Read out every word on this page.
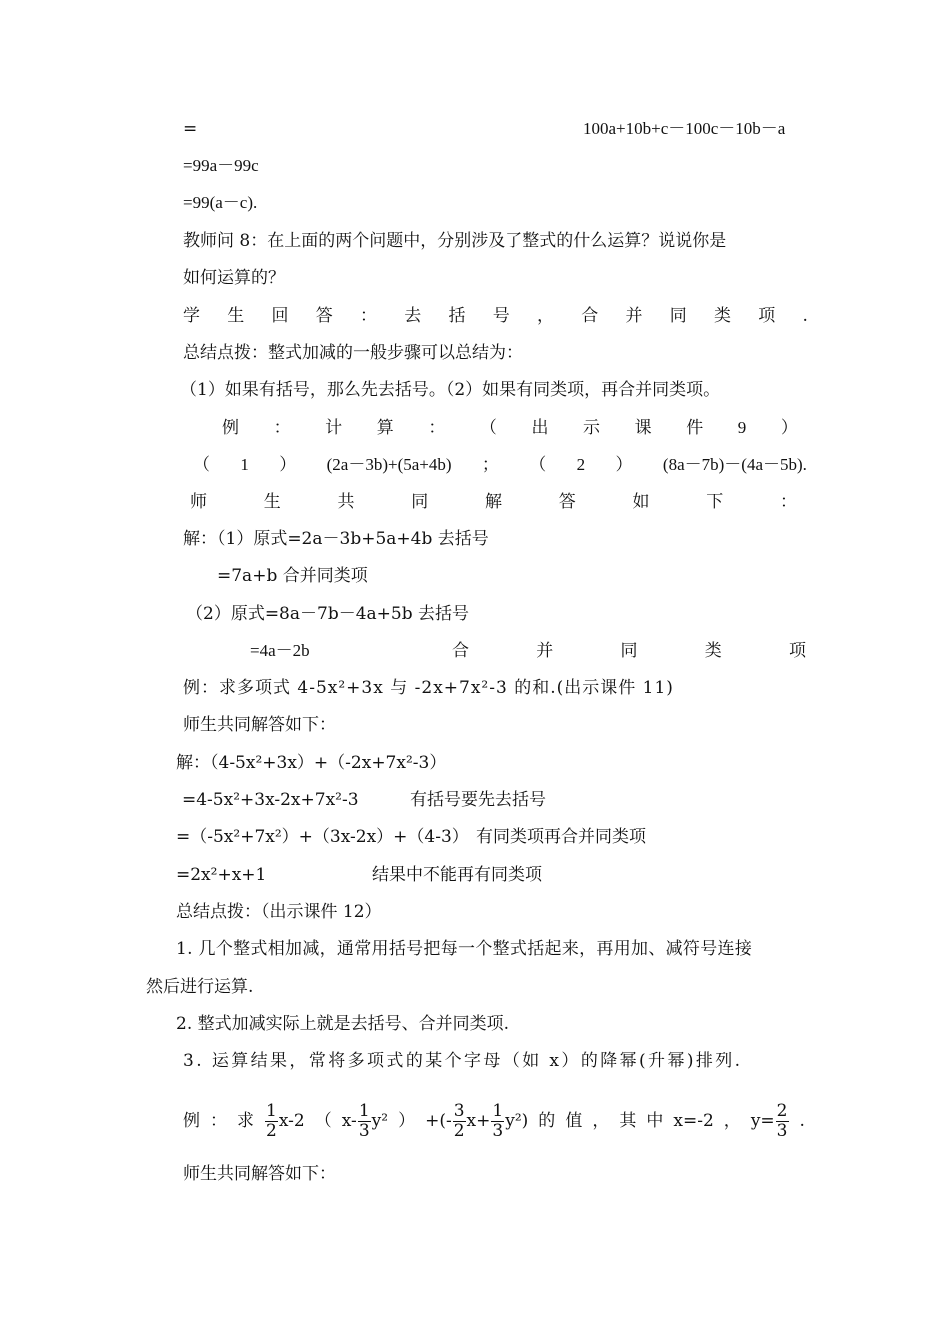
=	100a+10b+c－100c－10b－a
=99a－99c
=99(a－c).
教师问 8：在上面的两个问题中，分别涉及了整式的什么运算？说说你是
如何运算的？
学 生 回 答 ： 去 括 号 ， 合 并 同 类 项 .
总结点拨：整式加减的一般步骤可以总结为：
（1）如果有括号，那么先去括号。（2）如果有同类项，再合并同类项。
例 ： 计 算 ： （ 出 示 课 件 9 ）
（ 1 ） (2a－3b)+(5a+4b) ； （ 2 ） (8a－7b)－(4a－5b).
师	生	共	同	解	答	如	下	：
解：（1）原式=2a－3b+5a+4b 去括号
=7a+b 合并同类项
（2）原式=8a－7b－4a+5b 去括号
=4a－2b	合	并	同	类	项
例：求多项式 4-5x²+3x 与 -2x+7x²-3 的和.(出示课件 11)
师生共同解答如下：
解：（4-5x²+3x）+（-2x+7x²-3）
=4-5x²+3x-2x+7x²-3	有括号要先去括号
=（-5x²+7x²）+（3x-2x）+（4-3） 有同类项再合并同类项
=2x²+x+1	结果中不能再有同类项
总结点拨：（出示课件 12）
1. 几个整式相加减，通常用括号把每一个整式括起来，再用加、减符号连接
然后进行运算.
2. 整式加减实际上就是去括号、合并同类项.
3. 运算结果，常将多项式的某个字母（如 x）的降幂(升幂)排列.
例 ： 求 $\frac{1}{2} x-2$ （ $x- \frac{1}{3} y^2$ ） +(- $\frac{3}{2} x+ \frac{1}{3} y^2$) 的 值 ， 其 中 x=-2 ， $y= \frac{2}{3}$ .
师生共同解答如下：
